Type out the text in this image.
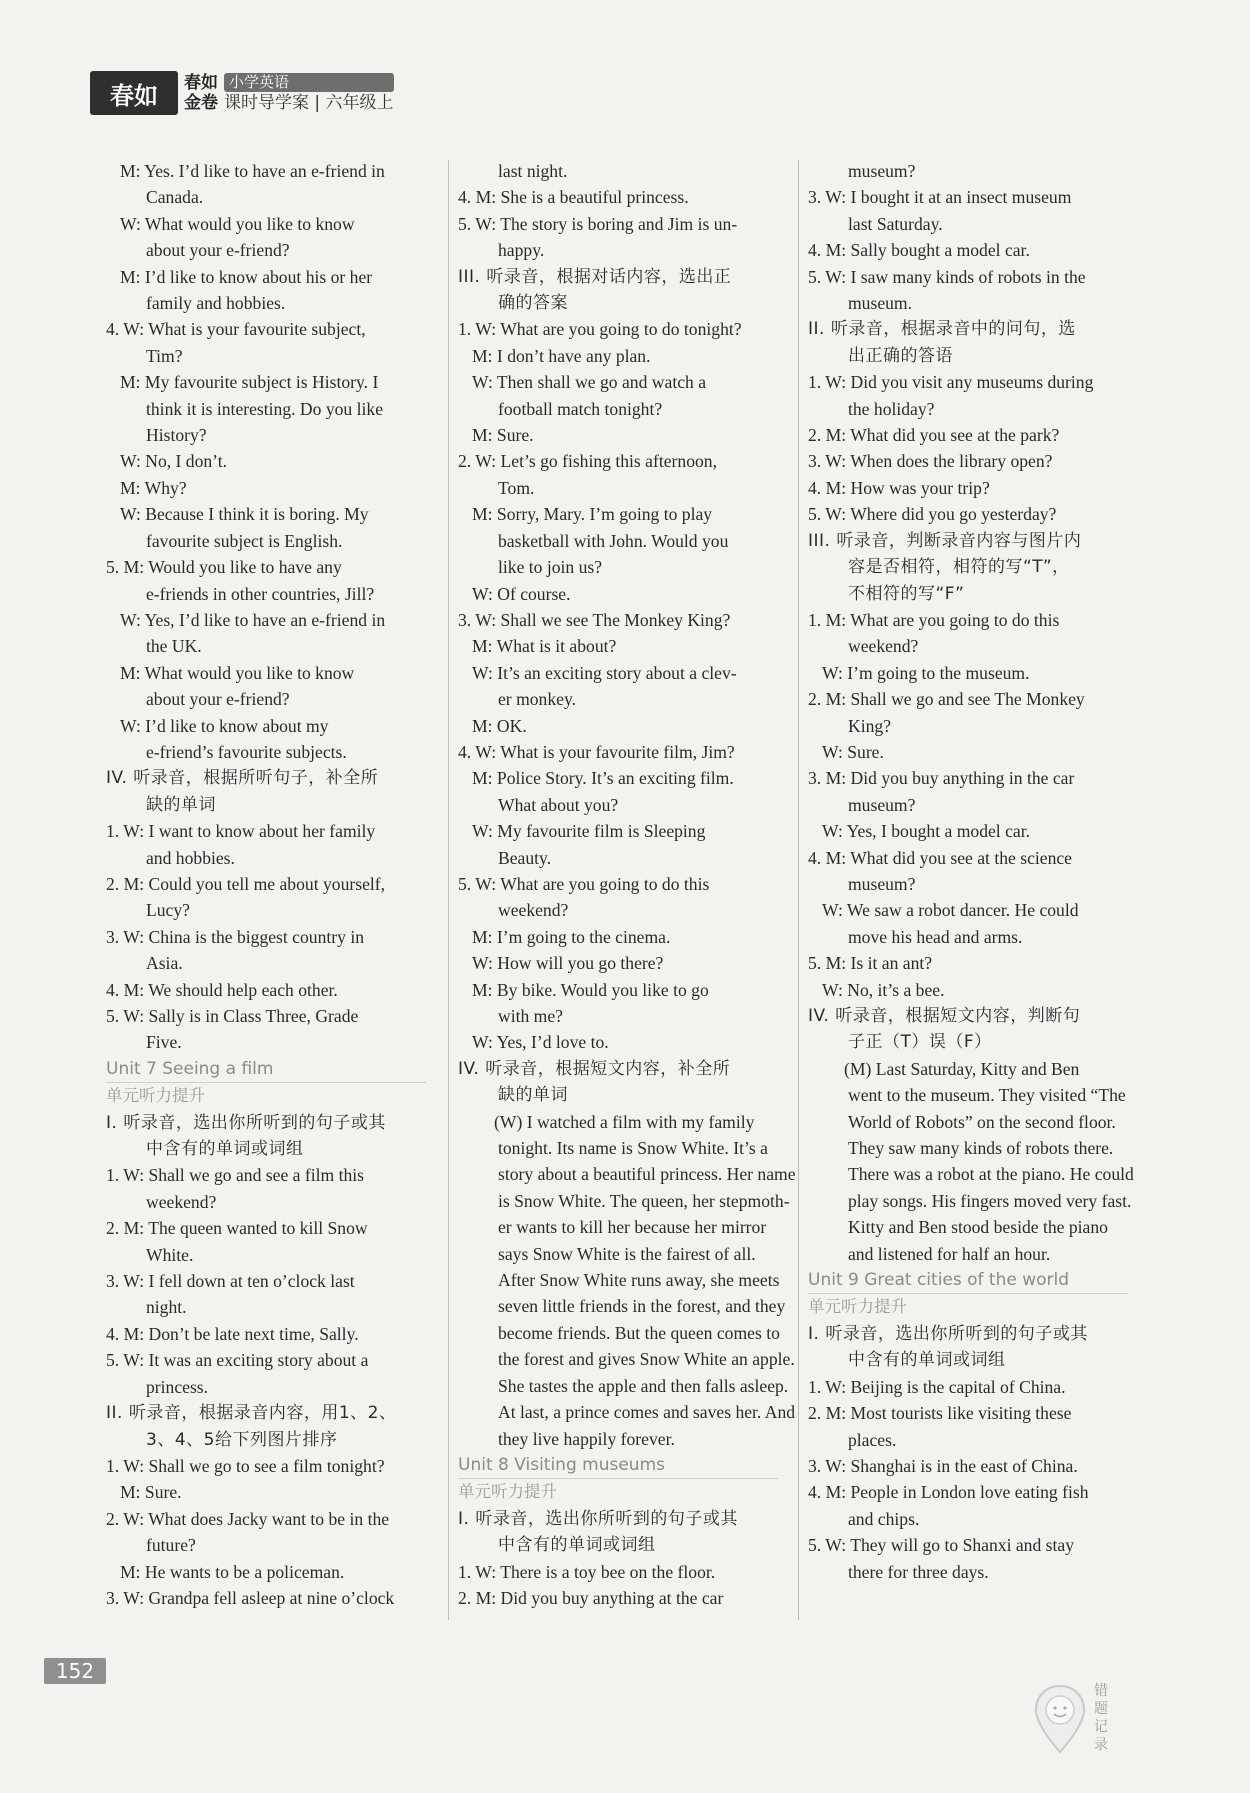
春如 春如
金卷
小学英语
课时导学案 | 六年级上
M: Yes. I’d like to have an e-friend in
Canada.
W: What would you like to know
about your e-friend?
M: I’d like to know about his or her
family and hobbies.
4. W: What is your favourite subject,
Tim?
M: My favourite subject is History. I
think it is interesting. Do you like
History?
W: No, I don’t.
M: Why?
W: Because I think it is boring. My
favourite subject is English.
5. M: Would you like to have any
e-friends in other countries, Jill?
W: Yes, I’d like to have an e-friend in
the UK.
M: What would you like to know
about your e-friend?
W: I’d like to know about my
e-friend’s favourite subjects.
IV. 听录音，根据所听句子，补全所
缺的单词
1. W: I want to know about her family
and hobbies.
2. M: Could you tell me about yourself,
Lucy?
3. W: China is the biggest country in
Asia.
4. M: We should help each other.
5. W: Sally is in Class Three, Grade
Five.
Unit 7 Seeing a film
单元听力提升
I. 听录音，选出你所听到的句子或其
中含有的单词或词组
1. W: Shall we go and see a film this
weekend?
2. M: The queen wanted to kill Snow
White.
3. W: I fell down at ten o’clock last
night.
4. M: Don’t be late next time, Sally.
5. W: It was an exciting story about a
princess.
II. 听录音，根据录音内容，用1、2、
3、4、5给下列图片排序
1. W: Shall we go to see a film tonight?
M: Sure.
2. W: What does Jacky want to be in the
future?
M: He wants to be a policeman.
3. W: Grandpa fell asleep at nine o’clock
last night.
4. M: She is a beautiful princess.
5. W: The story is boring and Jim is un-
happy.
III. 听录音，根据对话内容，选出正
确的答案
1. W: What are you going to do tonight?
M: I don’t have any plan.
W: Then shall we go and watch a
football match tonight?
M: Sure.
2. W: Let’s go fishing this afternoon,
Tom.
M: Sorry, Mary. I’m going to play
basketball with John. Would you
like to join us?
W: Of course.
3. W: Shall we see The Monkey King?
M: What is it about?
W: It’s an exciting story about a clev-
er monkey.
M: OK.
4. W: What is your favourite film, Jim?
M: Police Story. It’s an exciting film.
What about you?
W: My favourite film is Sleeping
Beauty.
5. W: What are you going to do this
weekend?
M: I’m going to the cinema.
W: How will you go there?
M: By bike. Would you like to go
with me?
W: Yes, I’d love to.
IV. 听录音，根据短文内容，补全所
缺的单词
(W) I watched a film with my family
tonight. Its name is Snow White. It’s a
story about a beautiful princess. Her name
is Snow White. The queen, her stepmoth-
er wants to kill her because her mirror
says Snow White is the fairest of all.
After Snow White runs away, she meets
seven little friends in the forest, and they
become friends. But the queen comes to
the forest and gives Snow White an apple.
She tastes the apple and then falls asleep.
At last, a prince comes and saves her. And
they live happily forever.
Unit 8 Visiting museums
单元听力提升
I. 听录音，选出你所听到的句子或其
中含有的单词或词组
1. W: There is a toy bee on the floor.
2. M: Did you buy anything at the car
museum?
3. W: I bought it at an insect museum
last Saturday.
4. M: Sally bought a model car.
5. W: I saw many kinds of robots in the
museum.
II. 听录音，根据录音中的问句，选
出正确的答语
1. W: Did you visit any museums during
the holiday?
2. M: What did you see at the park?
3. W: When does the library open?
4. M: How was your trip?
5. W: Where did you go yesterday?
III. 听录音，判断录音内容与图片内
容是否相符，相符的写“T”，
不相符的写“F”
1. M: What are you going to do this
weekend?
W: I’m going to the museum.
2. M: Shall we go and see The Monkey
King?
W: Sure.
3. M: Did you buy anything in the car
museum?
W: Yes, I bought a model car.
4. M: What did you see at the science
museum?
W: We saw a robot dancer. He could
move his head and arms.
5. M: Is it an ant?
W: No, it’s a bee.
IV. 听录音，根据短文内容，判断句
子正（T）误（F）
(M) Last Saturday, Kitty and Ben
went to the museum. They visited “The
World of Robots” on the second floor.
They saw many kinds of robots there.
There was a robot at the piano. He could
play songs. His fingers moved very fast.
Kitty and Ben stood beside the piano
and listened for half an hour.
Unit 9 Great cities of the world
单元听力提升
I. 听录音，选出你所听到的句子或其
中含有的单词或词组
1. W: Beijing is the capital of China.
2. M: Most tourists like visiting these
places.
3. W: Shanghai is in the east of China.
4. M: People in London love eating fish
and chips.
5. W: They will go to Shanxi and stay
there for three days.
152
错题记录
